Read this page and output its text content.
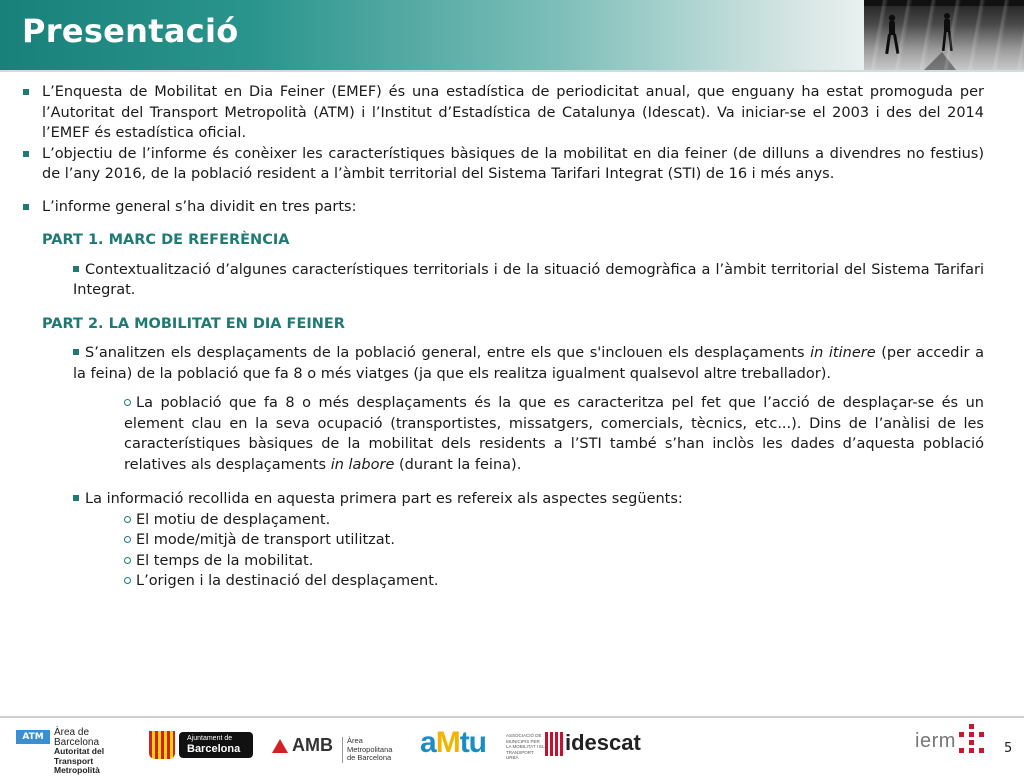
Presentació
L’Enquesta de Mobilitat en Dia Feiner (EMEF) és una estadística de periodicitat anual, que enguany ha estat promoguda per l’Autoritat del Transport Metropolità (ATM) i l’Institut d’Estadística de Catalunya (Idescat). Va iniciar-se el 2003 i des del 2014 l’EMEF és estadística oficial.
L’objectiu de l’informe és conèixer les característiques bàsiques de la mobilitat en dia feiner (de dilluns a divendres no festius) de l’any 2016, de la població resident a l’àmbit territorial del Sistema Tarifari Integrat (STI) de 16 i més anys.
L’informe general s’ha dividit en tres parts:
PART 1. MARC DE REFERÈNCIA
Contextualització d’algunes característiques territorials i de la situació demogràfica a l’àmbit territorial del Sistema Tarifari Integrat.
PART 2. LA MOBILITAT EN DIA FEINER
S’analitzen els desplaçaments de la població general, entre els que s'inclouen els desplaçaments in itinere (per accedir a la feina) de la població que fa 8 o més viatges (ja que els realitza igualment qualsevol altre treballador).
La població que fa 8 o més desplaçaments és la que es caracteritza pel fet que l’acció de desplaçar-se és un element clau en la seva ocupació (transportistes, missatgers, comercials, tècnics, etc...). Dins de l’anàlisi de les característiques bàsiques de la mobilitat dels residents a l’STI també s’han inclòs les dades d’aquesta població relatives als desplaçaments in labore (durant la feina).
La informació recollida en aquesta primera part es refereix als aspectes següents:
El motiu de desplaçament.
El mode/mitjà de transport utilitzat.
El temps de la mobilitat.
L’origen i la destinació del desplaçament.
ATM	Àrea de Barcelona
Autoritat del Transport
Metropolità
Ajuntament de
Barcelona	AMB Àrea Metropolitana
de Barcelona aMtu	ASSOCIACIÓ DE MUNICIPIS PER LA MOBILITAT I EL TRANSPORT URBÀ
idescat	ierm	5
